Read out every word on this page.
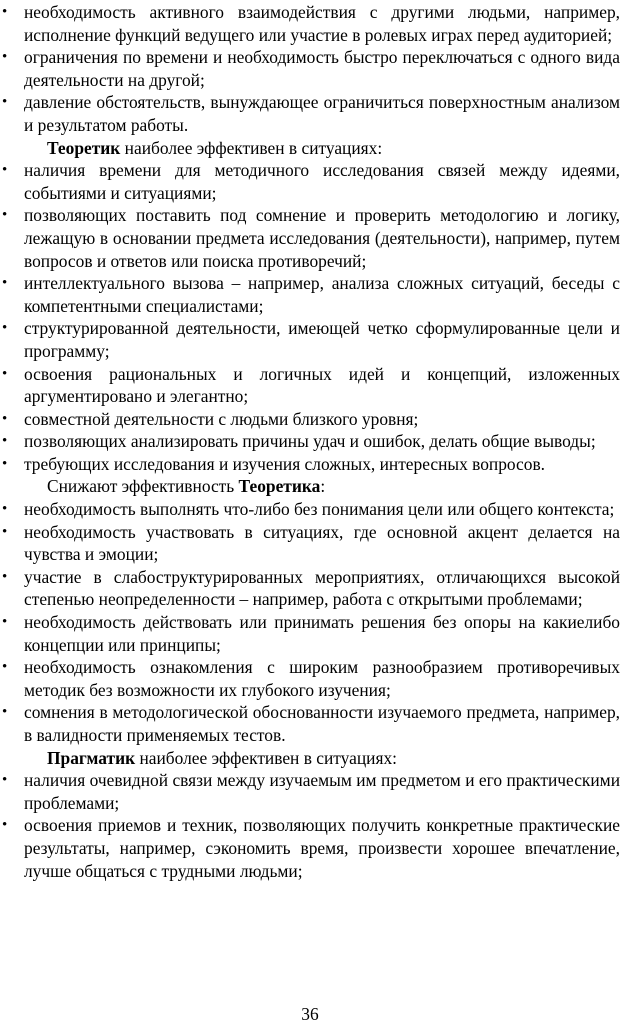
• необходимость активного взаимодействия с другими людьми, например, исполнение функций ведущего или участие в ролевых играх перед аудиторией;
• ограничения по времени и необходимость быстро переключаться с одного вида деятельности на другой;
• давление обстоятельств, вынуждающее ограничиться поверхностным анализом и результатом работы.
Теоретик наиболее эффективен в ситуациях:
• наличия времени для методичного исследования связей между идеями, событиями и ситуациями;
• позволяющих поставить под сомнение и проверить методологию и логику, лежащую в основании предмета исследования (деятельности), например, путем вопросов и ответов или поиска противоречий;
• интеллектуального вызова – например, анализа сложных ситуаций, беседы с компетентными специалистами;
• структурированной деятельности, имеющей четко сформулированные цели и программу;
• освоения рациональных и логичных идей и концепций, изложенных аргументировано и элегантно;
• совместной деятельности с людьми близкого уровня;
• позволяющих анализировать причины удач и ошибок, делать общие выводы;
• требующих исследования и изучения сложных, интересных вопросов.
Снижают эффективность Теоретика:
• необходимость выполнять что-либо без понимания цели или общего контекста;
• необходимость участвовать в ситуациях, где основной акцент делается на чувства и эмоции;
• участие в слабоструктурированных мероприятиях, отличающихся высокой степенью неопределенности – например, работа с открытыми проблемами;
• необходимость действовать или принимать решения без опоры на какиелибо концепции или принципы;
• необходимость ознакомления с широким разнообразием противоречивых методик без возможности их глубокого изучения;
• сомнения в методологической обоснованности изучаемого предмета, например, в валидности применяемых тестов.
Прагматик наиболее эффективен в ситуациях:
• наличия очевидной связи между изучаемым им предметом и его практическими проблемами;
• освоения приемов и техник, позволяющих получить конкретные практические результаты, например, сэкономить время, произвести хорошее впечатление, лучше общаться с трудными людьми;
36
